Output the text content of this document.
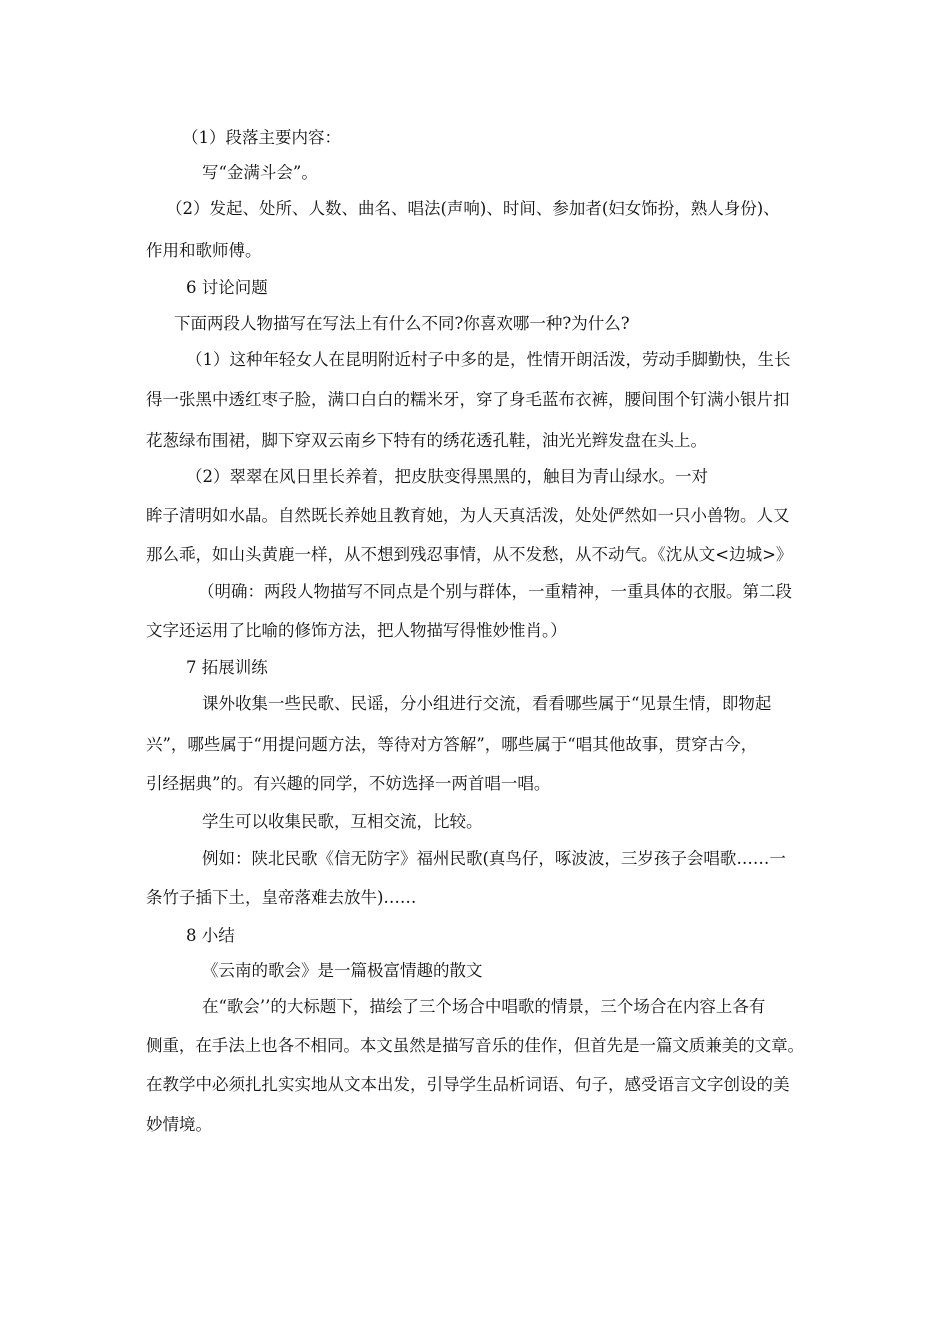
（1）段落主要内容：
写“金满斗会”。
（2）发起、处所、人数、曲名、唱法(声响)、时间、参加者(妇女饰扮，熟人身份)、
作用和歌师傅。
6 讨论问题
下面两段人物描写在写法上有什么不同?你喜欢哪一种?为什么?
（1）这种年轻女人在昆明附近村子中多的是，性情开朗活泼，劳动手脚勤快，生长
得一张黑中透红枣子脸，满口白白的糯米牙，穿了身毛蓝布衣裤，腰间围个钉满小银片扣
花葱绿布围裙，脚下穿双云南乡下特有的绣花透孔鞋，油光光辫发盘在头上。
（2）翠翠在风日里长养着，把皮肤变得黑黑的，触目为青山绿水。一对
眸子清明如水晶。自然既长养她且教育她，为人天真活泼，处处俨然如一只小兽物。人又
那么乖，如山头黄鹿一样，从不想到残忍事情，从不发愁，从不动气。《沈从文<边城>》
（明确：两段人物描写不同点是个别与群体，一重精神，一重具体的衣服。第二段
文字还运用了比喻的修饰方法，把人物描写得惟妙惟肖。）
7 拓展训练
课外收集一些民歌、民谣，分小组进行交流，看看哪些属于“见景生情，即物起
兴”，哪些属于“用提问题方法，等待对方答解”，哪些属于“唱其他故事，贯穿古今，
引经据典”的。有兴趣的同学，不妨选择一两首唱一唱。
学生可以收集民歌，互相交流，比较。
例如：陕北民歌《信无防字》福州民歌(真鸟仔，啄波波，三岁孩子会唱歌……一
条竹子插下土，皇帝落难去放牛)……
8 小结
《云南的歌会》是一篇极富情趣的散文
在“歌会’’的大标题下，描绘了三个场合中唱歌的情景，三个场合在内容上各有
侧重，在手法上也各不相同。本文虽然是描写音乐的佳作，但首先是一篇文质兼美的文章。
在教学中必须扎扎实实地从文本出发，引导学生品析词语、句子，感受语言文字创设的美
妙情境。
